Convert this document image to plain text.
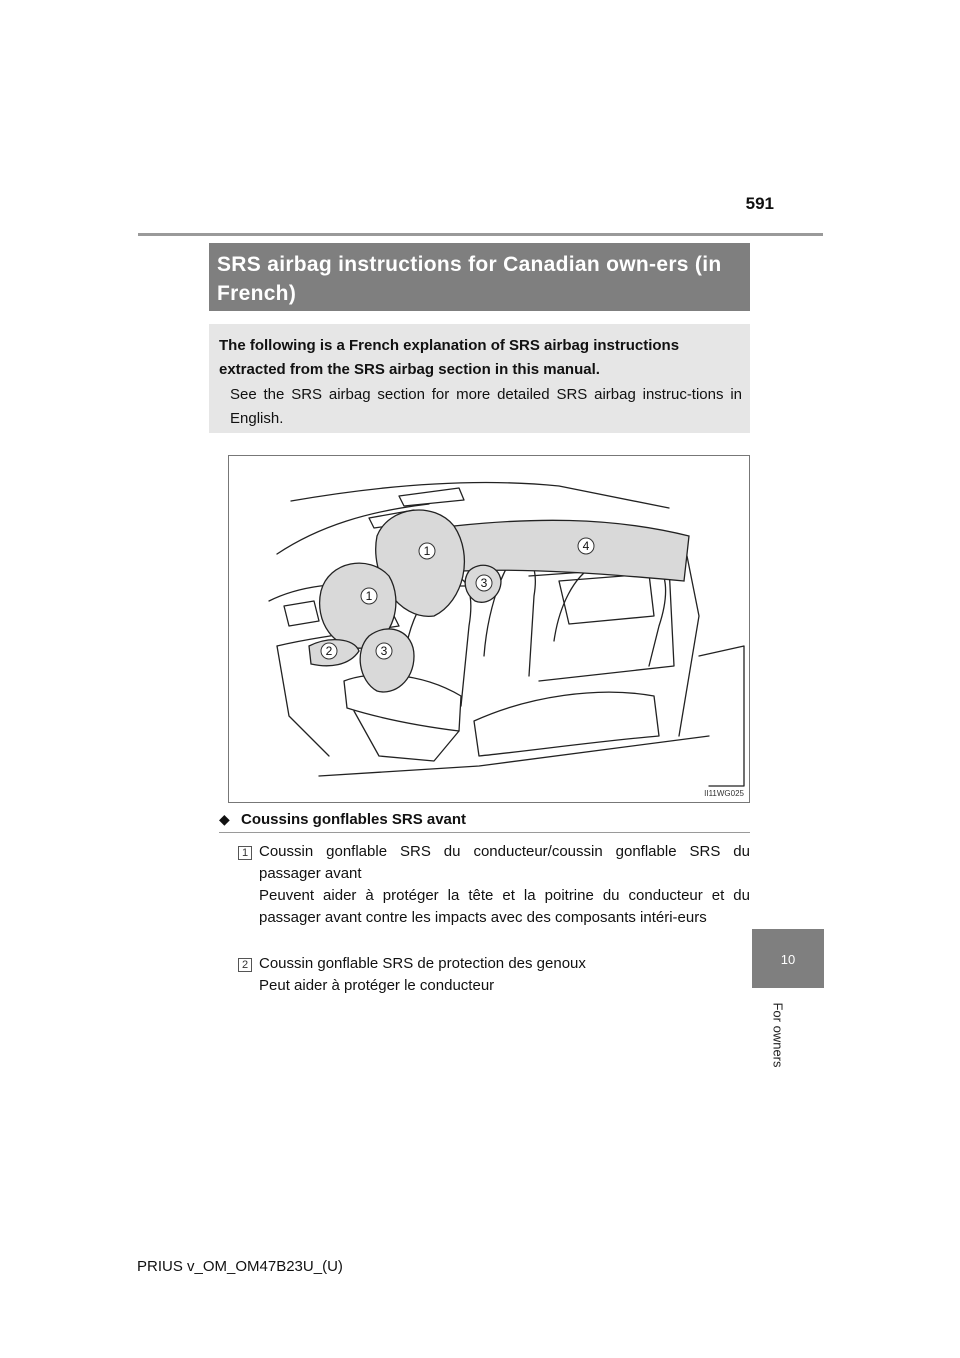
591
SRS airbag instructions for Canadian own-ers (in French)

The following is a French explanation of SRS airbag instructions extracted from the SRS airbag section in this manual.

See the SRS airbag section for more detailed SRS airbag instruc-tions in English.

1
1
2	3
3
4
II11WG025
◆ Coussins gonflables SRS avant
1 Coussin gonflable SRS du conducteur/coussin gonflable SRS du passager avant

Peuvent aider à protéger la tête et la poitrine du conducteur et du passager avant contre les impacts avec des composants intéri-eurs

2 Coussin gonflable SRS de protection des genoux

Peut aider à protéger le conducteur

10
For owners
PRIUS v_OM_OM47B23U_(U)
